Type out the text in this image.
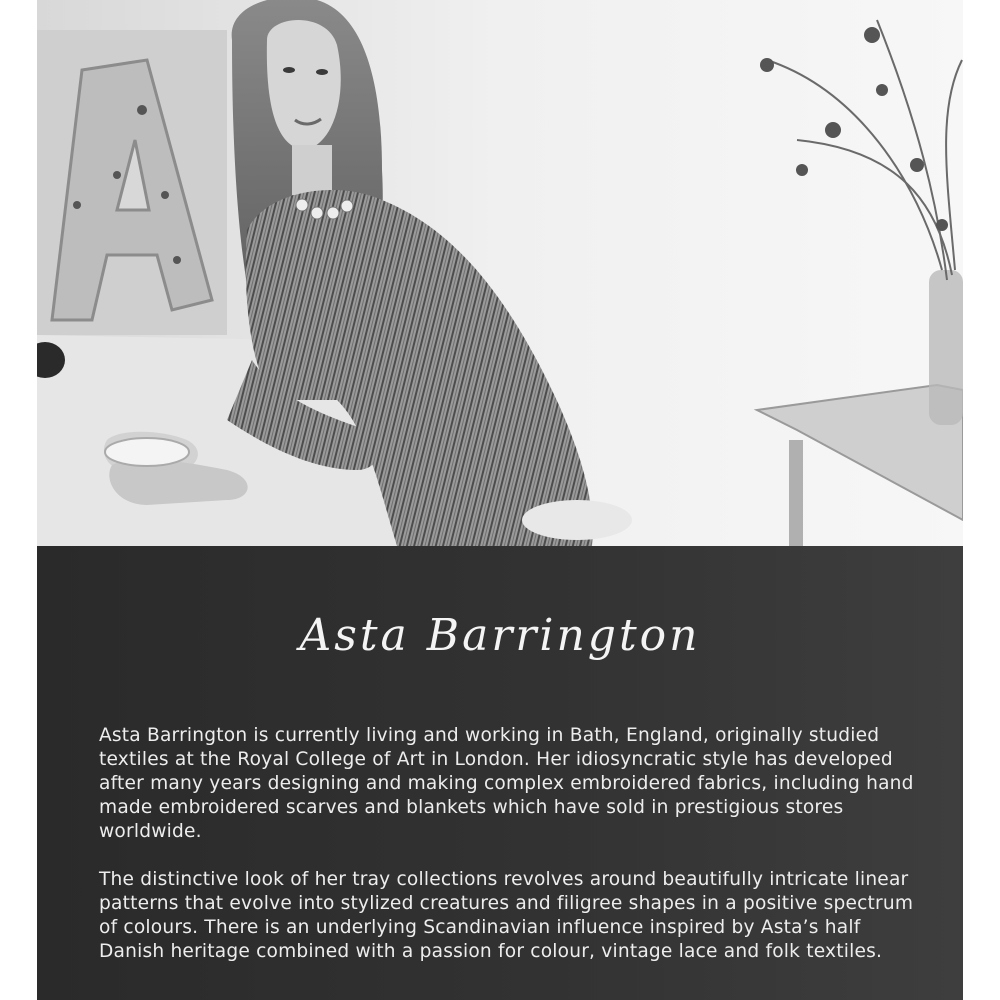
Asta Barrington

Asta Barrington is currently living and working in Bath, England, originally studied textiles at the Royal College of Art in London. Her idiosyncratic style has developed after many years designing and making complex embroidered fabrics, including hand made embroidered scarves and blankets which have sold in prestigious stores worldwide.

The distinctive look of her tray collections revolves around beautifully intricate linear patterns that evolve into stylized creatures and filigree shapes in a positive spectrum of colours. There is an underlying Scandinavian influence inspired by Asta’s half Danish heritage combined with a passion for colour, vintage lace and folk textiles.
